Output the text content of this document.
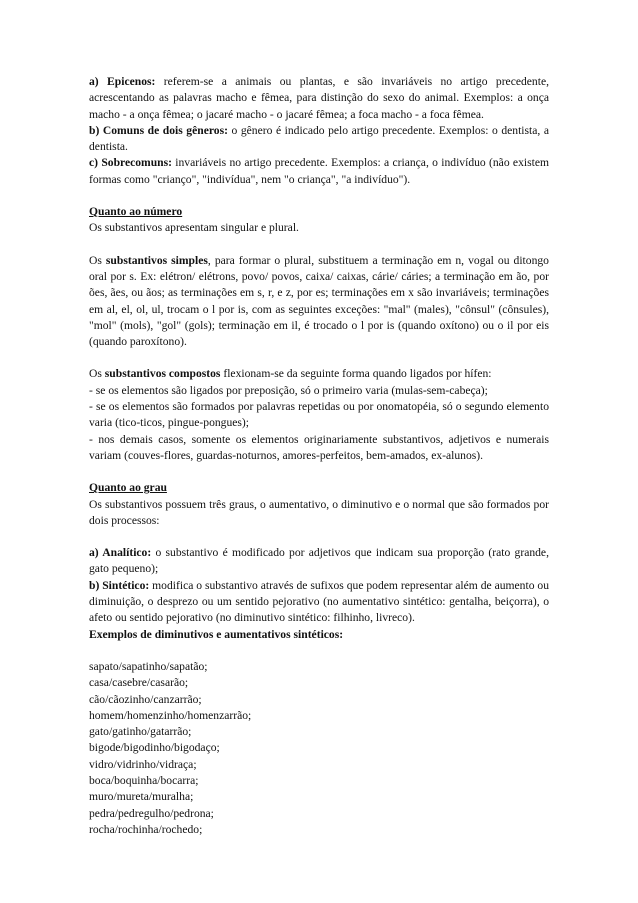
a) Epicenos: referem-se a animais ou plantas, e são invariáveis no artigo precedente, acrescentando as palavras macho e fêmea, para distinção do sexo do animal. Exemplos: a onça macho - a onça fêmea; o jacaré macho - o jacaré fêmea; a foca macho - a foca fêmea.

b) Comuns de dois gêneros: o gênero é indicado pelo artigo precedente. Exemplos: o dentista, a dentista.

c) Sobrecomuns: invariáveis no artigo precedente. Exemplos: a criança, o indivíduo (não existem formas como "crianço", "indivídua", nem "o criança", "a indivíduo").

Quanto ao número

Os substantivos apresentam singular e plural.

Os substantivos simples, para formar o plural, substituem a terminação em n, vogal ou ditongo oral por s. Ex: elétron/ elétrons, povo/ povos, caixa/ caixas, cárie/ cáries; a terminação em ão, por ões, ães, ou ãos; as terminações em s, r, e z, por es; terminações em x são invariáveis; terminações em al, el, ol, ul, trocam o l por is, com as seguintes exceções: "mal" (males), "cônsul" (cônsules), "mol" (mols), "gol" (gols); terminação em il, é trocado o l por is (quando oxítono) ou o il por eis (quando paroxítono).

Os substantivos compostos flexionam-se da seguinte forma quando ligados por hífen:

- se os elementos são ligados por preposição, só o primeiro varia (mulas-sem-cabeça);

- se os elementos são formados por palavras repetidas ou por onomatopéia, só o segundo elemento varia (tico-ticos, pingue-pongues);

- nos demais casos, somente os elementos originariamente substantivos, adjetivos e numerais variam (couves-flores, guardas-noturnos, amores-perfeitos, bem-amados, ex-alunos).

Quanto ao grau

Os substantivos possuem três graus, o aumentativo, o diminutivo e o normal que são formados por dois processos:

a) Analítico: o substantivo é modificado por adjetivos que indicam sua proporção (rato grande, gato pequeno);

b) Sintético: modifica o substantivo através de sufixos que podem representar além de aumento ou diminuição, o desprezo ou um sentido pejorativo (no aumentativo sintético: gentalha, beiçorra), o afeto ou sentido pejorativo (no diminutivo sintético: filhinho, livreco).

Exemplos de diminutivos e aumentativos sintéticos:

sapato/sapatinho/sapatão;
casa/casebre/casarão;
cão/cãozinho/canzarrão;
homem/homenzinho/homenzarrão;
gato/gatinho/gatarrão;
bigode/bigodinho/bigodaço;
vidro/vidrinho/vidraça;
boca/boquinha/bocarra;
muro/mureta/muralha;
pedra/pedregulho/pedrona;
rocha/rochinha/rochedo;
